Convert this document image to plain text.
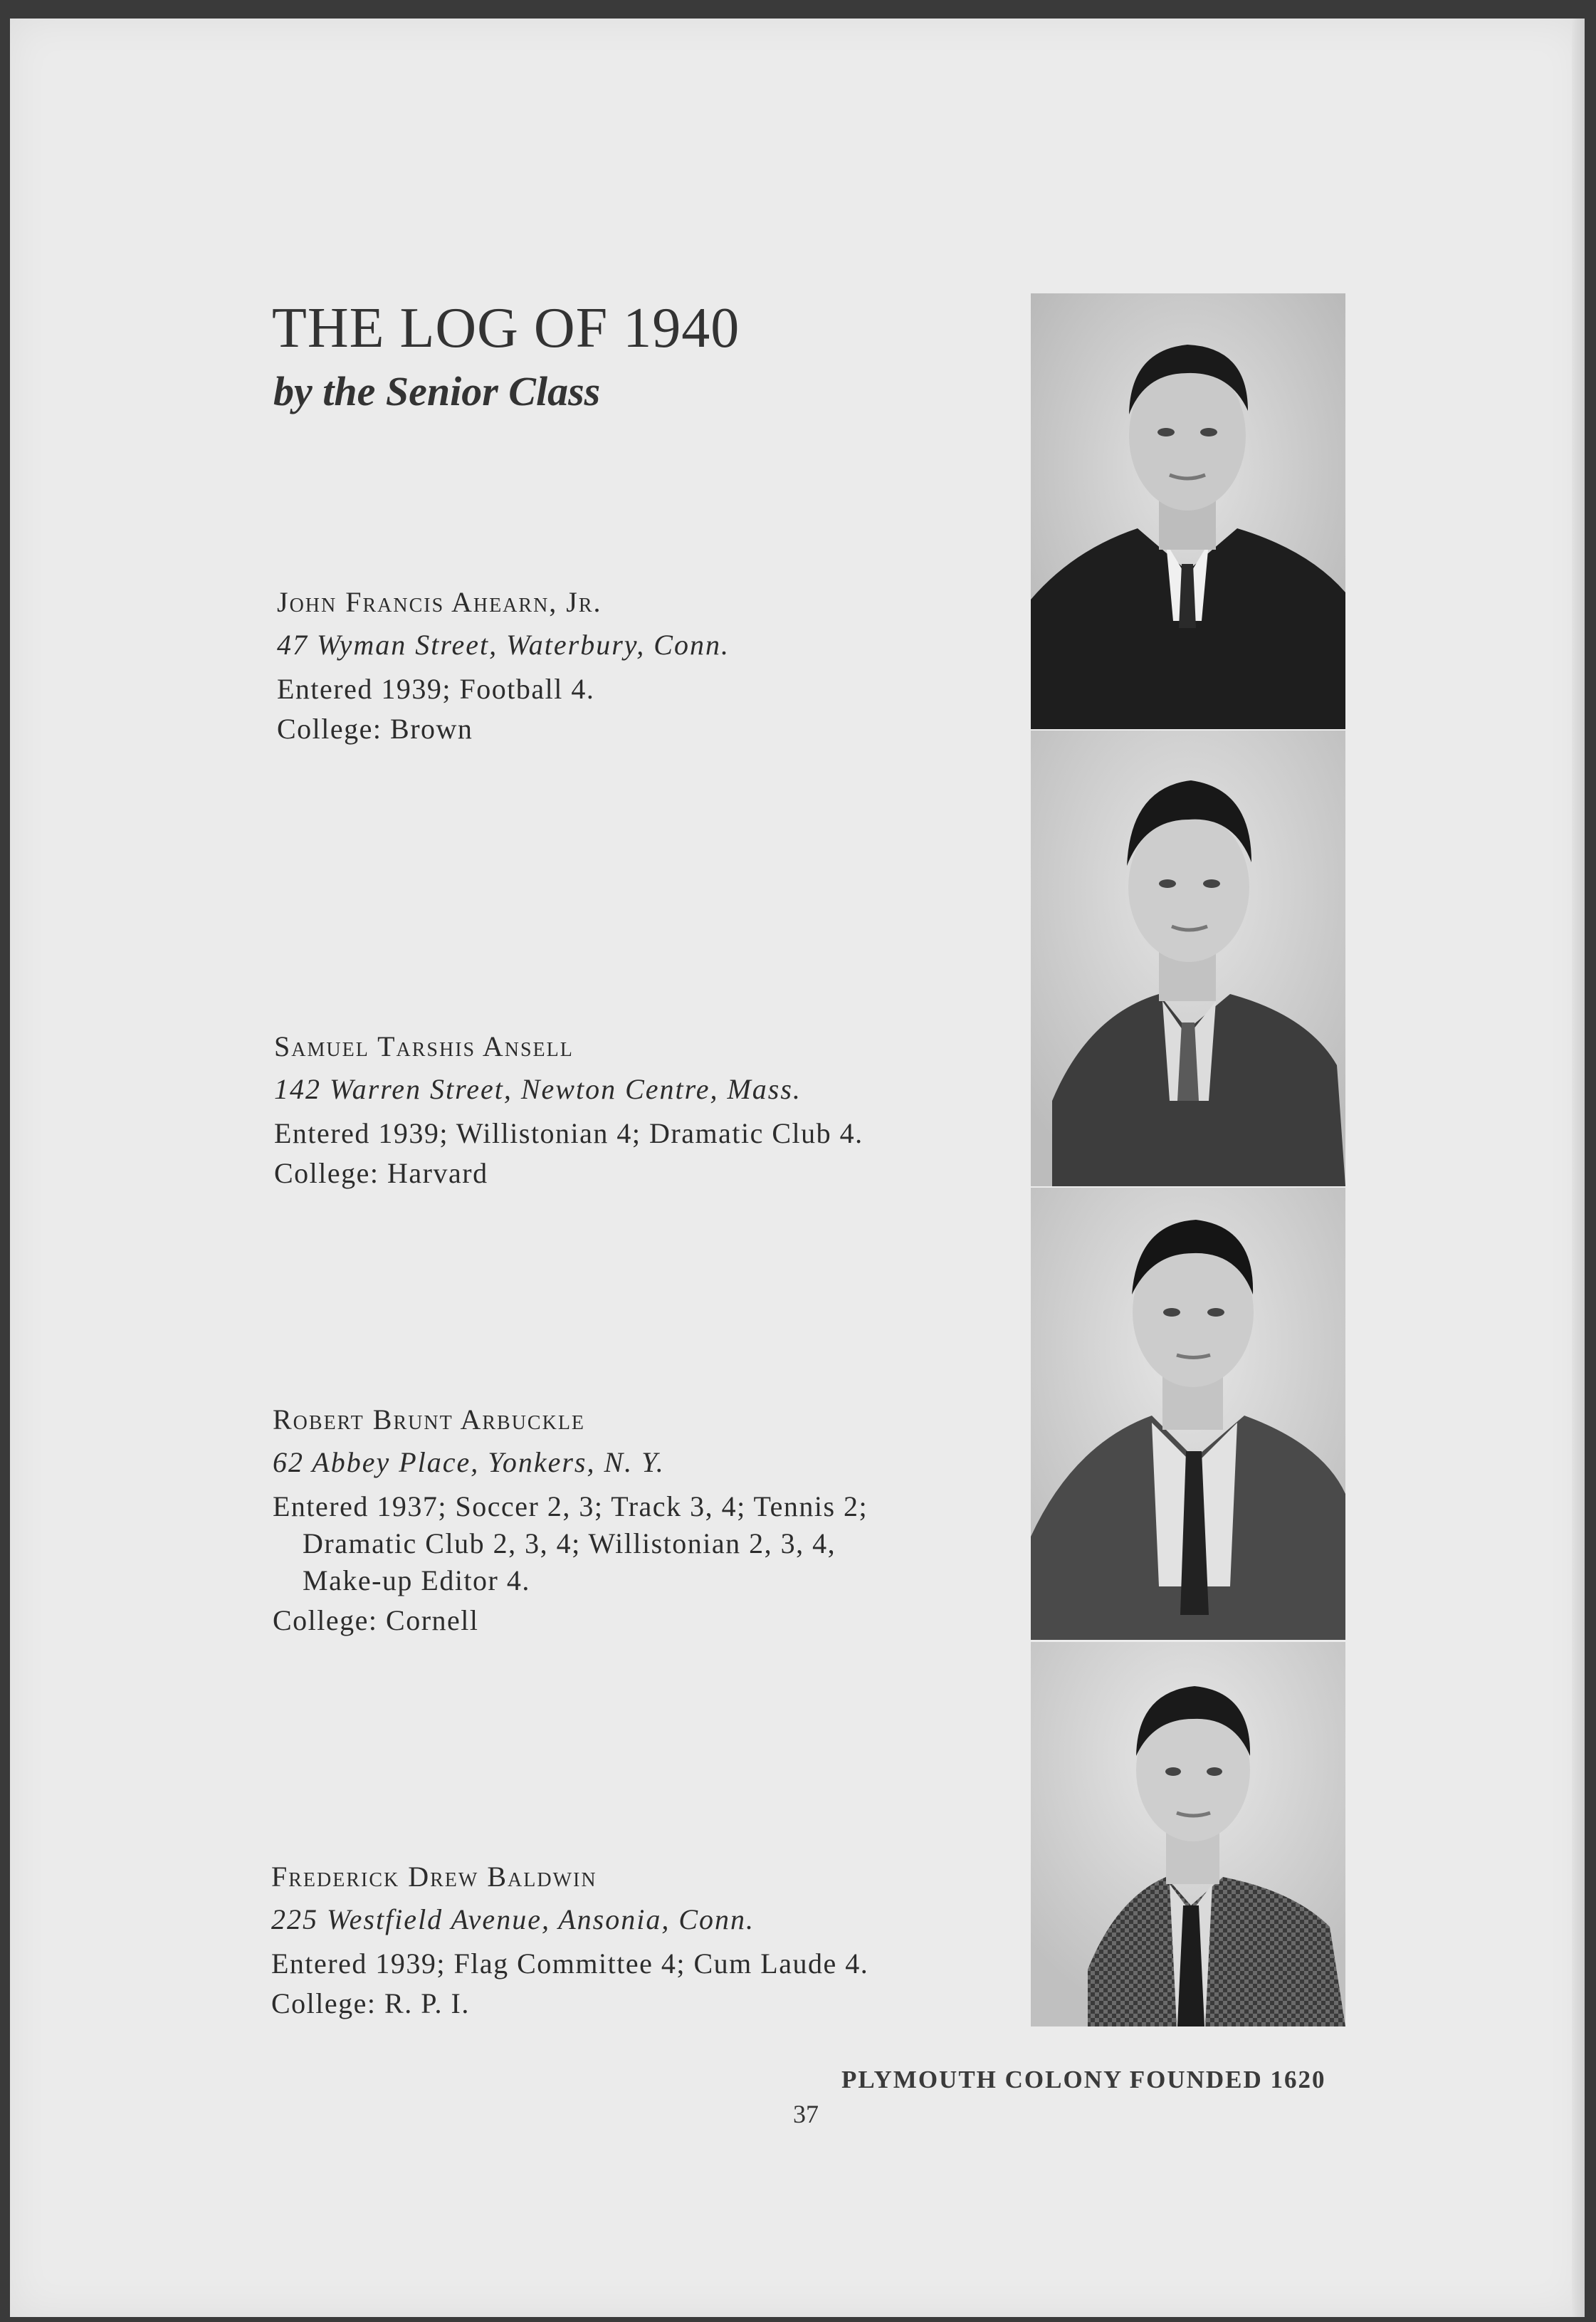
THE LOG OF 1940
by the Senior Class
John Francis Ahearn, Jr.
47 Wyman Street, Waterbury, Conn.

Entered 1939; Football 4.

College: Brown
Samuel Tarshis Ansell
142 Warren Street, Newton Centre, Mass.

Entered 1939; Willistonian 4; Dramatic Club 4.

College: Harvard
Robert Brunt Arbuckle
62 Abbey Place, Yonkers, N. Y.

Entered 1937; Soccer 2, 3; Track 3, 4; Tennis 2;

Dramatic Club 2, 3, 4; Willistonian 2, 3, 4,

Make-up Editor 4.

College: Cornell
Frederick Drew Baldwin
225 Westfield Avenue, Ansonia, Conn.

Entered 1939; Flag Committee 4; Cum Laude 4.

College: R. P. I.
PLYMOUTH COLONY FOUNDED 1620
37
